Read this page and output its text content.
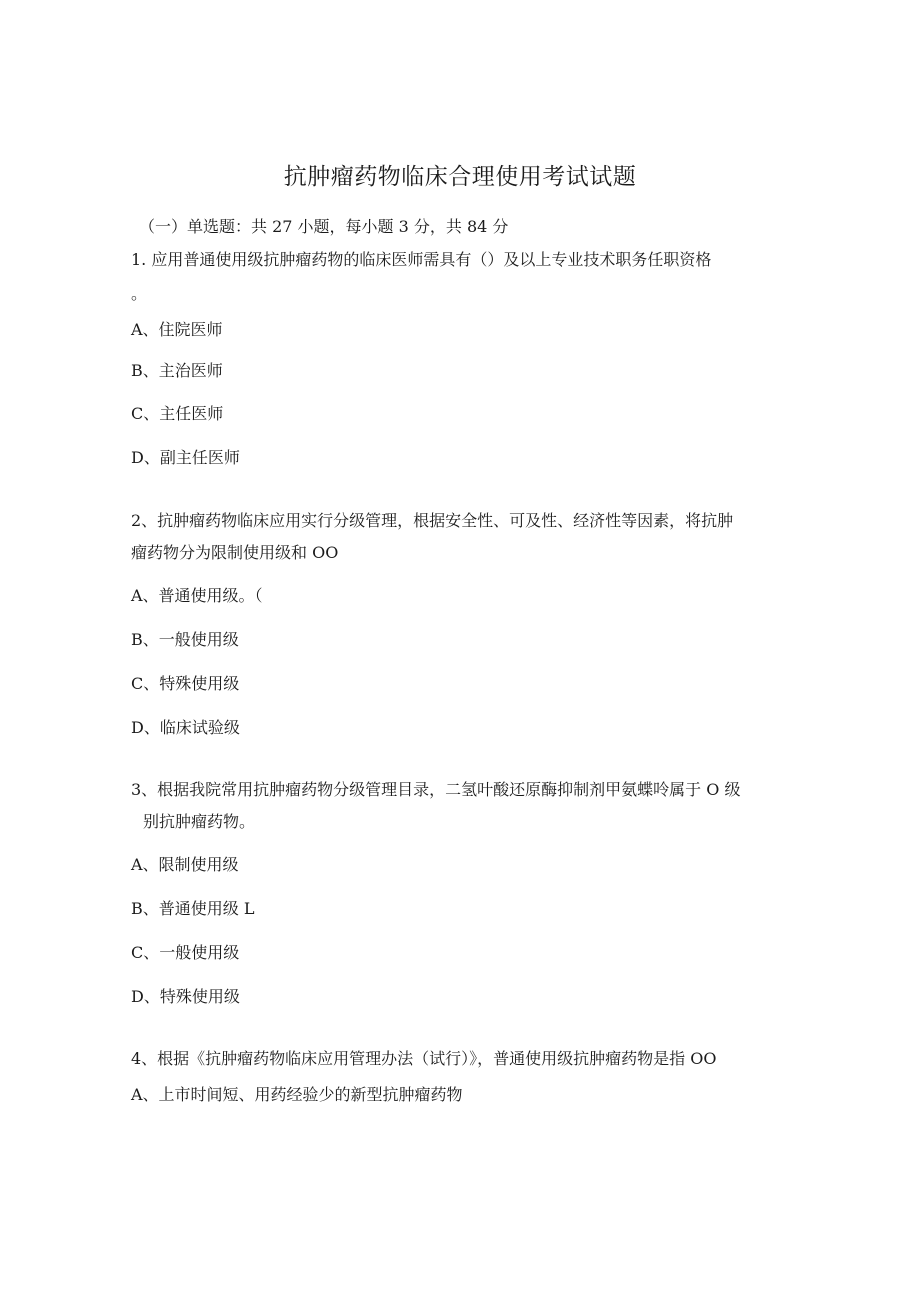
抗肿瘤药物临床合理使用考试试题
（一）单选题：共 27 小题，每小题 3 分，共 84 分
1. 应用普通使用级抗肿瘤药物的临床医师需具有（）及以上专业技术职务任职资格
。
A、住院医师
B、主治医师
C、主任医师
D、副主任医师
2、抗肿瘤药物临床应用实行分级管理，根据安全性、可及性、经济性等因素，将抗肿
瘤药物分为限制使用级和 OO
A、普通使用级。（
B、一般使用级
C、特殊使用级
D、临床试验级
3、根据我院常用抗肿瘤药物分级管理目录，二氢叶酸还原酶抑制剂甲氨蝶呤属于 O 级
别抗肿瘤药物。
A、限制使用级
B、普通使用级 L
C、一般使用级
D、特殊使用级
4、根据《抗肿瘤药物临床应用管理办法（试行）》，普通使用级抗肿瘤药物是指 OO
A、上市时间短、用药经验少的新型抗肿瘤药物
